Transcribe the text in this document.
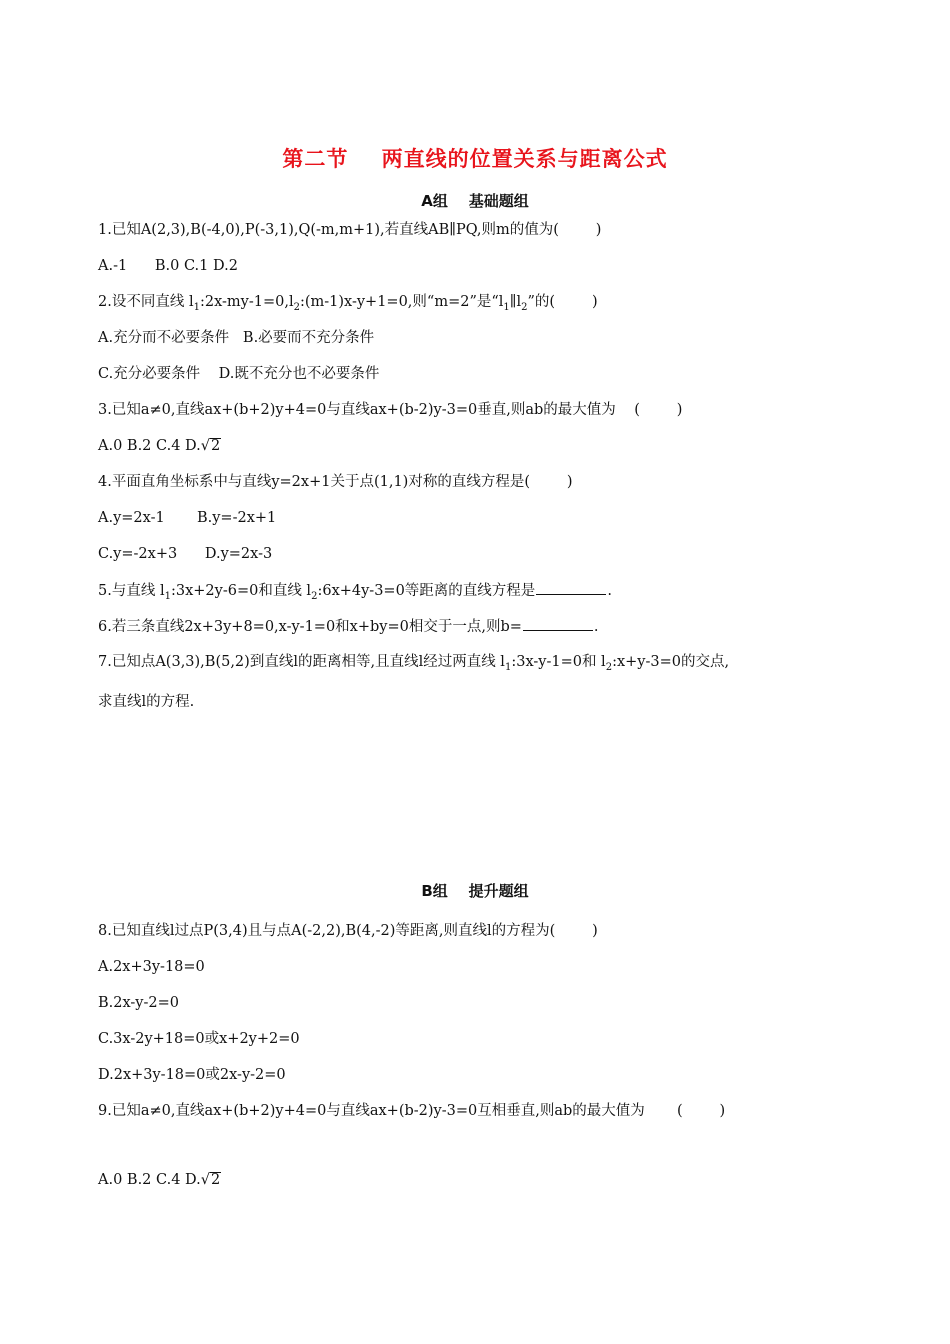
第二节    两直线的位置关系与距离公式
A组    基础题组
1.已知A(2,3),B(-4,0),P(-3,1),Q(-m,m+1),若直线AB∥PQ,则m的值为(        )
A.-1      B.0 C.1 D.2
2.设不同直线 $l_1:2x-my-1=0,l_2:(m-1)x-y+1=0$,则“m=2”是“$l_1\parallel l_2$”的(        )
A.充分而不必要条件   B.必要而不充分条件
C.充分必要条件    D.既不充分也不必要条件
3.已知a≠0,直线ax+(b+2)y+4=0与直线ax+(b-2)y-3=0垂直,则ab的最大值为    (        )
A.0 B.2 C.4 D.√2
4.平面直角坐标系中与直线y=2x+1关于点(1,1)对称的直线方程是(        )
A.y=2x-1       B.y=-2x+1
C.y=-2x+3      D.y=2x-3
5.与直线 $l_1:3x+2y-6=0$和直线 $l_2:6x+4y-3=0$等距离的直线方程是	.
6.若三条直线2x+3y+8=0,x-y-1=0和x+by=0相交于一点,则b=	.
7.已知点A(3,3),B(5,2)到直线l的距离相等,且直线l经过两直线 $l_1:3x-y-1=0$和 $l_2:x+y-3=0$的交点,
求直线l的方程.
B组    提升题组
8.已知直线l过点P(3,4)且与点A(-2,2),B(4,-2)等距离,则直线l的方程为(        )
A.2x+3y-18=0
B.2x-y-2=0
C.3x-2y+18=0或x+2y+2=0
D.2x+3y-18=0或2x-y-2=0
9.已知a≠0,直线ax+(b+2)y+4=0与直线ax+(b-2)y-3=0互相垂直,则ab的最大值为       (        )
A.0 B.2 C.4 D.√2
